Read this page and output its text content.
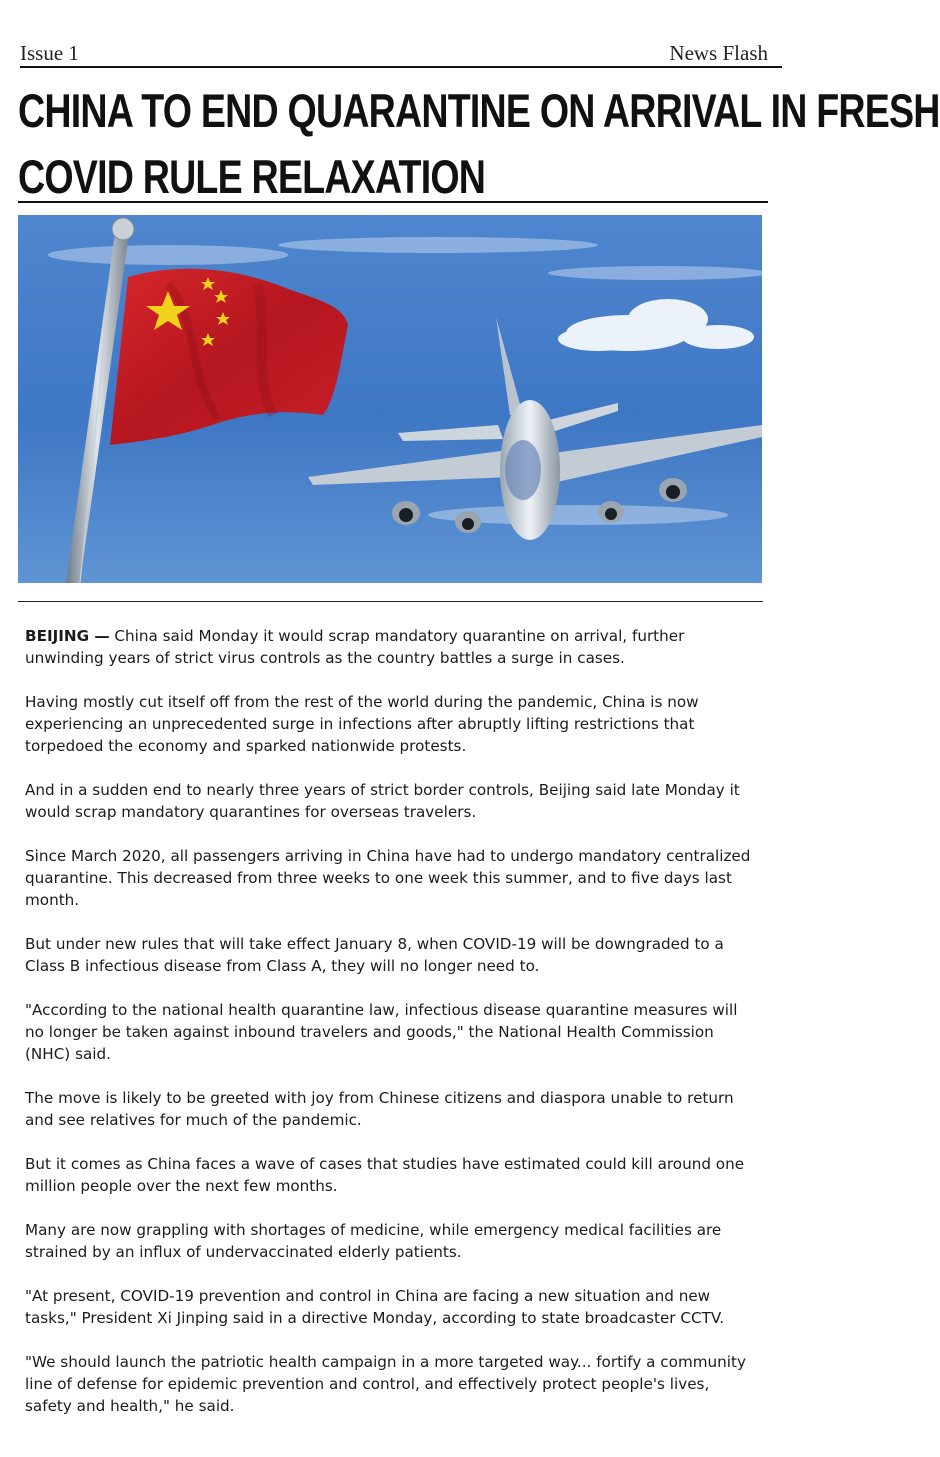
Issue 1	News Flash
CHINA TO END QUARANTINE ON ARRIVAL IN FRESH
COVID RULE RELAXATION

BEIJING — China said Monday it would scrap mandatory quarantine on arrival, further unwinding years of strict virus controls as the country battles a surge in cases.

Having mostly cut itself off from the rest of the world during the pandemic, China is now experiencing an unprecedented surge in infections after abruptly lifting restrictions that torpedoed the economy and sparked nationwide protests.

And in a sudden end to nearly three years of strict border controls, Beijing said late Monday it would scrap mandatory quarantines for overseas travelers.

Since March 2020, all passengers arriving in China have had to undergo mandatory centralized quarantine. This decreased from three weeks to one week this summer, and to five days last month.

But under new rules that will take effect January 8, when COVID-19 will be downgraded to a Class B infectious disease from Class A, they will no longer need to.

"According to the national health quarantine law, infectious disease quarantine measures will no longer be taken against inbound travelers and goods," the National Health Commission (NHC) said.

The move is likely to be greeted with joy from Chinese citizens and diaspora unable to return and see relatives for much of the pandemic.

But it comes as China faces a wave of cases that studies have estimated could kill around one million people over the next few months.

Many are now grappling with shortages of medicine, while emergency medical facilities are strained by an influx of undervaccinated elderly patients.

"At present, COVID-19 prevention and control in China are facing a new situation and new tasks," President Xi Jinping said in a directive Monday, according to state broadcaster CCTV.

"We should launch the patriotic health campaign in a more targeted way... fortify a community line of defense for epidemic prevention and control, and effectively protect people's lives, safety and health," he said.
